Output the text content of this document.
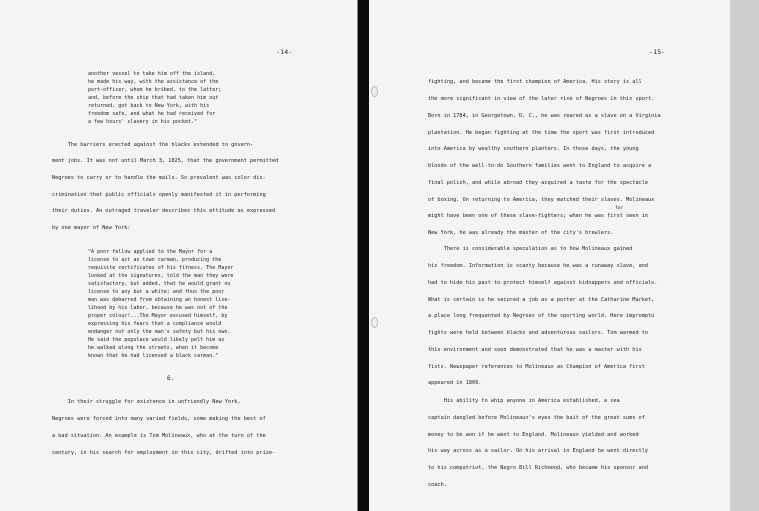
-14-
another vessel to take him off the island,
he made his way, with the assistance of the
port-officer, whom he bribed, to the latter;
and, before the ship that had taken him out
returned, got back to New York, with his
freedom safe, and what he had received for
a few hours' slavery in his pocket."
The barriers erected against the blacks extended to govern-
ment jobs. It was not until March 3, 1825, that the government permitted
Negroes to carry or to handle the mails. So prevalent was color dis-
crimination that public officials openly manifested it in performing
their duties. An outraged traveler describes this attitude as expressed
by one mayor of New York:
"A poor fellow applied to the Mayor for a
license to act as town carman, producing the
requisite certificates of his fitness. The Mayor
looked at the signatures, told the man they were
satisfactory, but added, that he would grant no
license to any but a white; and thus the poor
man was debarred from obtaining an honest live-
lihood by his labor, because he was not of the
proper colour!...The Mayor excused himself, by
expressing his fears that a compliance would
endanger not only the man's safety but his own.
He said the populace would likely pelt him as
he walked along the streets, when it become
known that he had licensed a black carman."
6.
In their struggle for existence in unfriendly New York,
Negroes were forced into many varied fields, some making the best of
a bad situation. An example is Tom Molineaux, who at the turn of the
century, in his search for employment in this city, drifted into prize-
-15-
fighting, and became the first champion of America. His story is all
the more significant in view of the later rise of Negroes in this sport.
Born in 1784, in Georgetown, D. C., he was reared as a slave on a Virginia
plantation. He began fighting at the time the sport was first introduced
into America by wealthy southern planters. In those days, the young
bloods of the well-to-do Southern families went to England to acquire a
final polish, and while abroad they acquired a taste for the spectacle
of boxing. On returning to America, they matched their slaves. Molineaux
for
might have been one of these slave-fighters; when he was first seen in
New York, he was already the master of the city's brewlers.
There is considerable speculation as to how Molineaux gained
his freedom. Information is scanty because he was a runaway slave, and
had to hide his past to protect himself against kidnappers and officials.
What is certain is he secured a job as a porter at the Catharine Market,
a place long frequented by Negroes of the sporting world. Here impromptu
fights were held between blacks and adventurous sailors. Tom warmed to
this environment and soon demonstrated that he was a master with his
fists. Newspaper references to Molineaux as Champion of America first
appeared in 1809.
His ability to whip anyone in America established, a sea
captain dangled before Molineaux's eyes the bait of the great sums of
money to be won if he went to England. Molineaux yielded and worked
his way across as a sailor. On his arrival in England he went directly
to his compatriot, the Negro Bill Richmond, who became his sponsor and
coach.
